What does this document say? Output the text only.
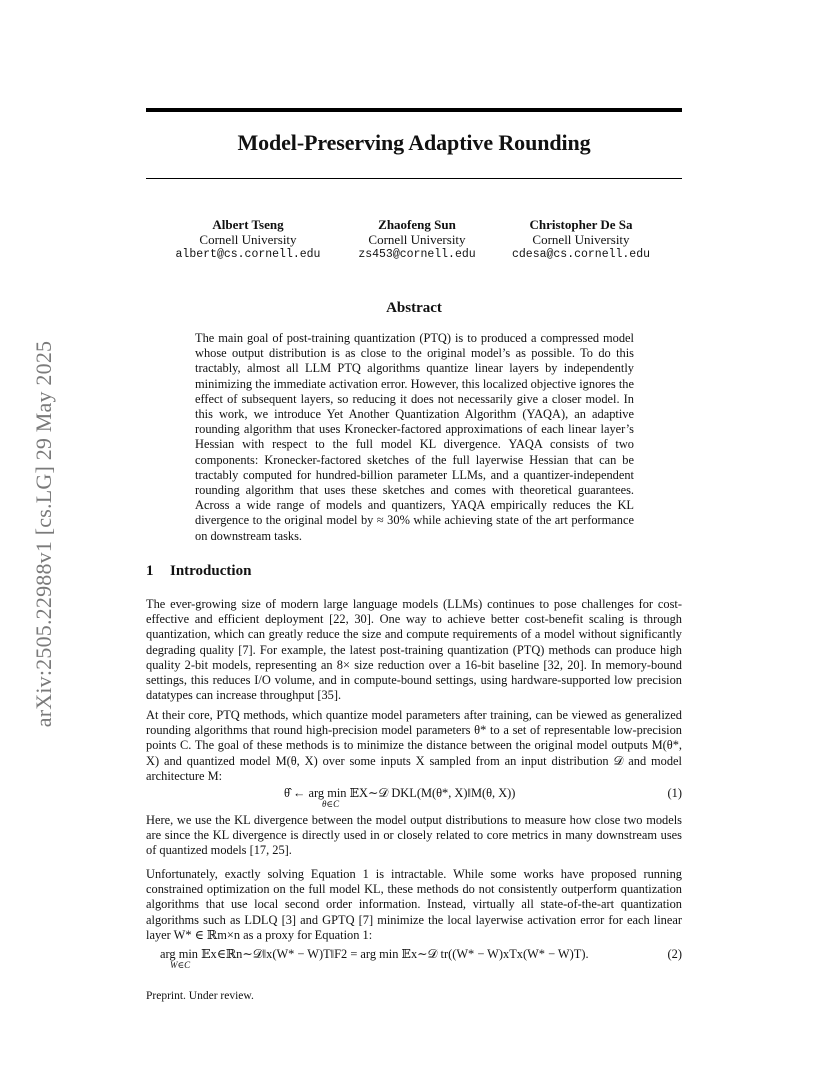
Model-Preserving Adaptive Rounding
Albert Tseng
Cornell University
albert@cs.cornell.edu
Zhaofeng Sun
Cornell University
zs453@cornell.edu
Christopher De Sa
Cornell University
cdesa@cs.cornell.edu
arXiv:2505.22988v1 [cs.LG] 29 May 2025
Abstract

The main goal of post-training quantization (PTQ) is to produced a compressed model whose output distribution is as close to the original model’s as possible. To do this tractably, almost all LLM PTQ algorithms quantize linear layers by independently minimizing the immediate activation error. However, this localized objective ignores the effect of subsequent layers, so reducing it does not necessarily give a closer model. In this work, we introduce Yet Another Quantization Algorithm (YAQA), an adaptive rounding algorithm that uses Kronecker-factored approximations of each linear layer’s Hessian with respect to the full model KL divergence. YAQA consists of two components: Kronecker-factored sketches of the full layerwise Hessian that can be tractably computed for hundred-billion parameter LLMs, and a quantizer-independent rounding algorithm that uses these sketches and comes with theoretical guarantees. Across a wide range of models and quantizers, YAQA empirically reduces the KL divergence to the original model by ≈ 30% while achieving state of the art performance on downstream tasks.

1 Introduction

The ever-growing size of modern large language models (LLMs) continues to pose challenges for cost-effective and efficient deployment [22, 30]. One way to achieve better cost-benefit scaling is through quantization, which can greatly reduce the size and compute requirements of a model without significantly degrading quality [7]. For example, the latest post-training quantization (PTQ) methods can produce high quality 2-bit models, representing an 8× size reduction over a 16-bit baseline [32, 20]. In memory-bound settings, this reduces I/O volume, and in compute-bound settings, using hardware-supported low precision datatypes can increase throughput [35].

At their core, PTQ methods, which quantize model parameters after training, can be viewed as generalized rounding algorithms that round high-precision model parameters θ* to a set of representable low-precision points C. The goal of these methods is to minimize the distance between the original model outputs M(θ*, X) and quantized model M(θ, X) over some inputs X sampled from an input distribution 𝒟 and model architecture M:

θ̂ ← arg min 𝔼X∼𝒟 DKL(M(θ*, X)‖M(θ, X))
θ∈C
(1)

Here, we use the KL divergence between the model output distributions to measure how close two models are since the KL divergence is directly used in or closely related to core metrics in many downstream uses of quantized models [17, 25].

Unfortunately, exactly solving Equation 1 is intractable. While some works have proposed running constrained optimization on the full model KL, these methods do not consistently outperform quantization algorithms that use local second order information. Instead, virtually all state-of-the-art quantization algorithms such as LDLQ [3] and GPTQ [7] minimize the local layerwise activation error for each linear layer W* ∈ ℝm×n as a proxy for Equation 1:

arg min 𝔼x∈ℝn∼𝒟‖x(W* − W)T‖F2 = arg min 𝔼x∼𝒟 tr((W* − W)xTx(W* − W)T).
W∈C
(2)

Preprint. Under review.
